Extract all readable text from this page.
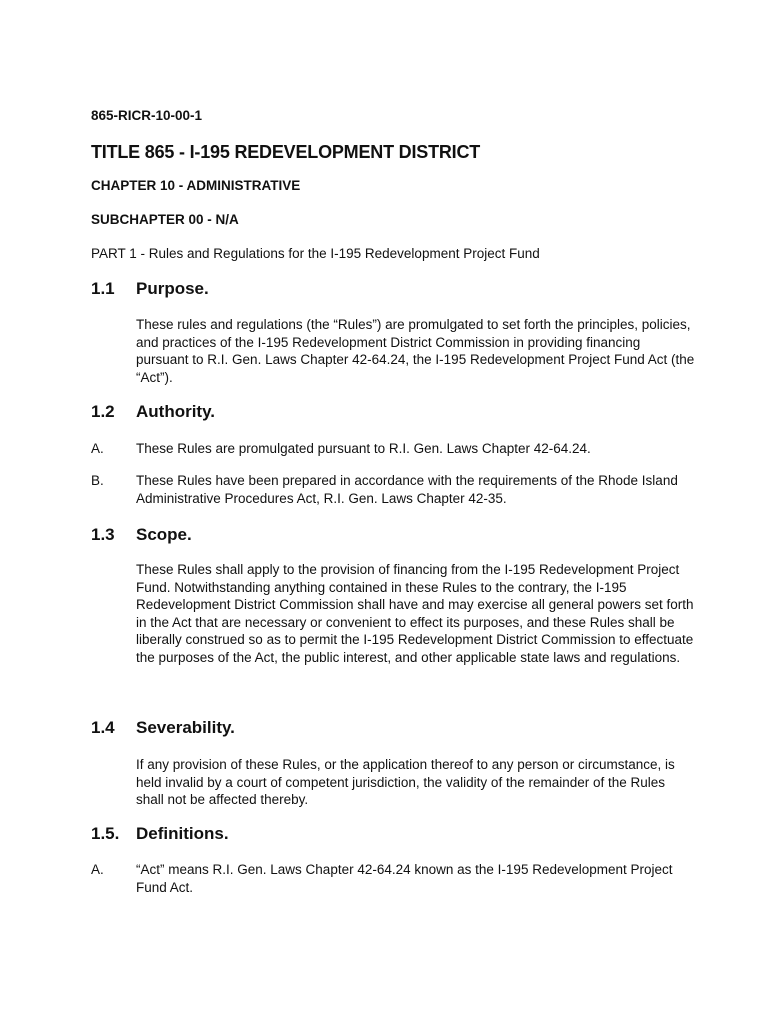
865-RICR-10-00-1

TITLE 865 - I-195 REDEVELOPMENT DISTRICT

CHAPTER 10 - ADMINISTRATIVE

SUBCHAPTER 00 - N/A

PART 1 - Rules and Regulations for the I-195 Redevelopment Project Fund

1.1 Purpose.

These rules and regulations (the “Rules”) are promulgated to set forth the principles, policies, and practices of the I-195 Redevelopment District Commission in providing financing pursuant to R.I. Gen. Laws Chapter 42-64.24, the I-195 Redevelopment Project Fund Act (the “Act”).

1.2 Authority.
A. These Rules are promulgated pursuant to R.I. Gen. Laws Chapter 42-64.24.
B. These Rules have been prepared in accordance with the requirements of the Rhode Island Administrative Procedures Act, R.I. Gen. Laws Chapter 42-35.
1.3 Scope.

These Rules shall apply to the provision of financing from the I-195 Redevelopment Project Fund. Notwithstanding anything contained in these Rules to the contrary, the I-195 Redevelopment District Commission shall have and may exercise all general powers set forth in the Act that are necessary or convenient to effect its purposes, and these Rules shall be liberally construed so as to permit the I-195 Redevelopment District Commission to effectuate the purposes of the Act, the public interest, and other applicable state laws and regulations.

1.4 Severability.

If any provision of these Rules, or the application thereof to any person or circumstance, is held invalid by a court of competent jurisdiction, the validity of the remainder of the Rules shall not be affected thereby.

1.5. Definitions.
A. “Act” means R.I. Gen. Laws Chapter 42-64.24 known as the I-195 Redevelopment Project Fund Act.
